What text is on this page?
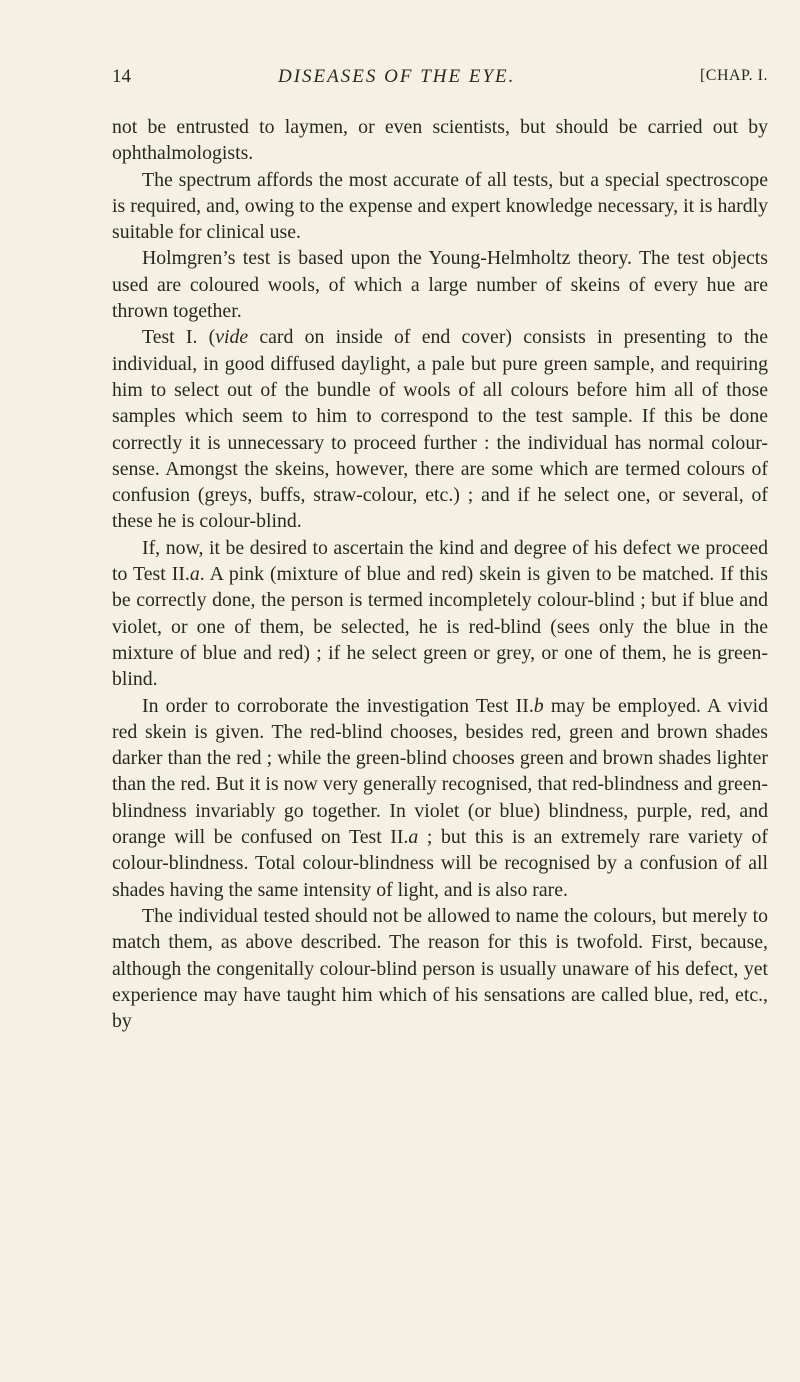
14	DISEASES OF THE EYE.	[CHAP. I.

not be entrusted to laymen, or even scientists, but should be carried out by ophthalmologists.

The spectrum affords the most accurate of all tests, but a special spectroscope is required, and, owing to the expense and expert knowledge necessary, it is hardly suitable for clinical use.

Holmgren’s test is based upon the Young-Helmholtz theory. The test objects used are coloured wools, of which a large number of skeins of every hue are thrown together.

Test I. (vide card on inside of end cover) consists in presenting to the individual, in good diffused daylight, a pale but pure green sample, and requiring him to select out of the bundle of wools of all colours before him all of those samples which seem to him to correspond to the test sample. If this be done correctly it is unnecessary to proceed further : the individual has normal colour-sense. Amongst the skeins, however, there are some which are termed colours of confusion (greys, buffs, straw-colour, etc.) ; and if he select one, or several, of these he is colour-blind.

If, now, it be desired to ascertain the kind and degree of his defect we proceed to Test II.a. A pink (mixture of blue and red) skein is given to be matched. If this be correctly done, the person is termed incompletely colour-blind ; but if blue and violet, or one of them, be selected, he is red-blind (sees only the blue in the mixture of blue and red) ; if he select green or grey, or one of them, he is green-blind.

In order to corroborate the investigation Test II.b may be employed. A vivid red skein is given. The red-blind chooses, besides red, green and brown shades darker than the red ; while the green-blind chooses green and brown shades lighter than the red. But it is now very generally recognised, that red-blindness and green-blindness invariably go together. In violet (or blue) blindness, purple, red, and orange will be confused on Test II.a ; but this is an extremely rare variety of colour-blindness. Total colour-blindness will be recognised by a confusion of all shades having the same intensity of light, and is also rare.

The individual tested should not be allowed to name the colours, but merely to match them, as above described. The reason for this is twofold. First, because, although the congenitally colour-blind person is usually unaware of his defect, yet experience may have taught him which of his sensations are called blue, red, etc., by
